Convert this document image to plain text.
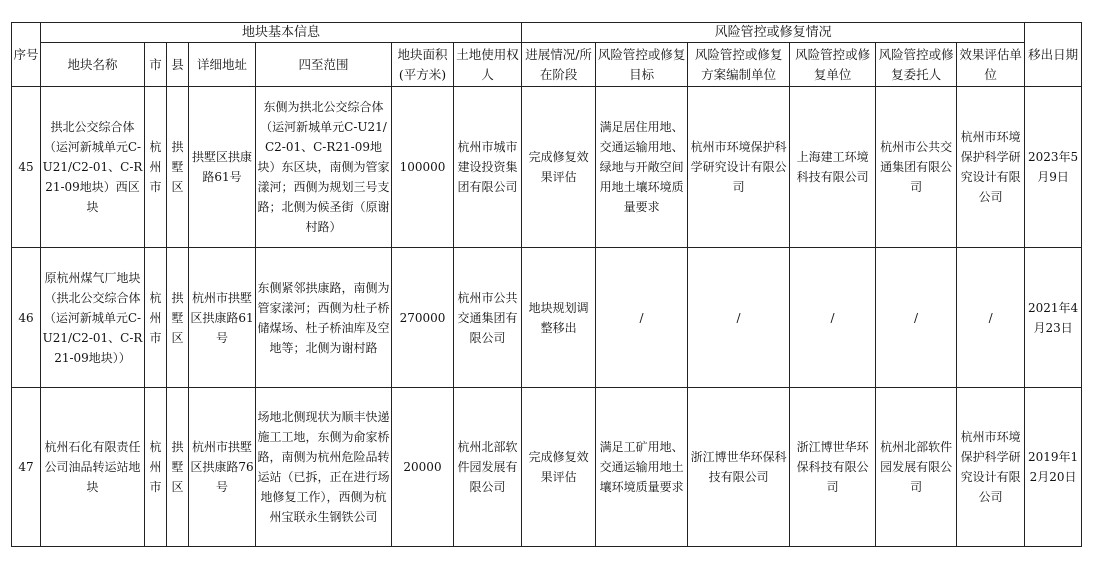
序号	地块基本信息							风险管控或修复情况						移出日期
	地块名称	市	县	详细地址	四至范围	地块面积(平方米)	土地使用权人	进展情况/所在阶段	风险管控或修复目标	风险管控或修复方案编制单位	风险管控或修复单位	风险管控或修复委托人	效果评估单位	
45	拱北公交综合体（运河新城单元C-U21/C2-01、C-R21-09地块）西区块	杭州市	拱墅区	拱墅区拱康路61号	东侧为拱北公交综合体（运河新城单元C-U21/C2-01、C-R21-09地块）东区块，南侧为管家漾河；西侧为规划三号支路；北侧为候圣街（原谢村路）	100000	杭州市城市建设投资集团有限公司	完成修复效果评估	满足居住用地、交通运输用地、绿地与开敞空间用地土壤环境质量要求	杭州市环境保护科学研究设计有限公司	上海建工环境科技有限公司	杭州市公共交通集团有限公司	杭州市环境保护科学研究设计有限公司	2023年5月9日
46	原杭州煤气厂地块（拱北公交综合体（运河新城单元C-U21/C2-01、C-R21-09地块））	杭州市	拱墅区	杭州市拱墅区拱康路61号	东侧紧邻拱康路，南侧为管家漾河；西侧为杜子桥储煤场、杜子桥油库及空地等；北侧为谢村路	270000	杭州市公共交通集团有限公司	地块规划调整移出	/	/	/	/	/	2021年4月23日
47	杭州石化有限责任公司油品转运站地块	杭州市	拱墅区	杭州市拱墅区拱康路76号	场地北侧现状为顺丰快递施工工地，东侧为俞家桥路，南侧为杭州危险品转运站（已拆，正在进行场地修复工作），西侧为杭州宝联永生钢铁公司	20000	杭州北部软件园发展有限公司	完成修复效果评估	满足工矿用地、交通运输用地土壤环境质量要求	浙江博世华环保科技有限公司	浙江博世华环保科技有限公司	杭州北部软件园发展有限公司	杭州市环境保护科学研究设计有限公司	2019年12月20日
